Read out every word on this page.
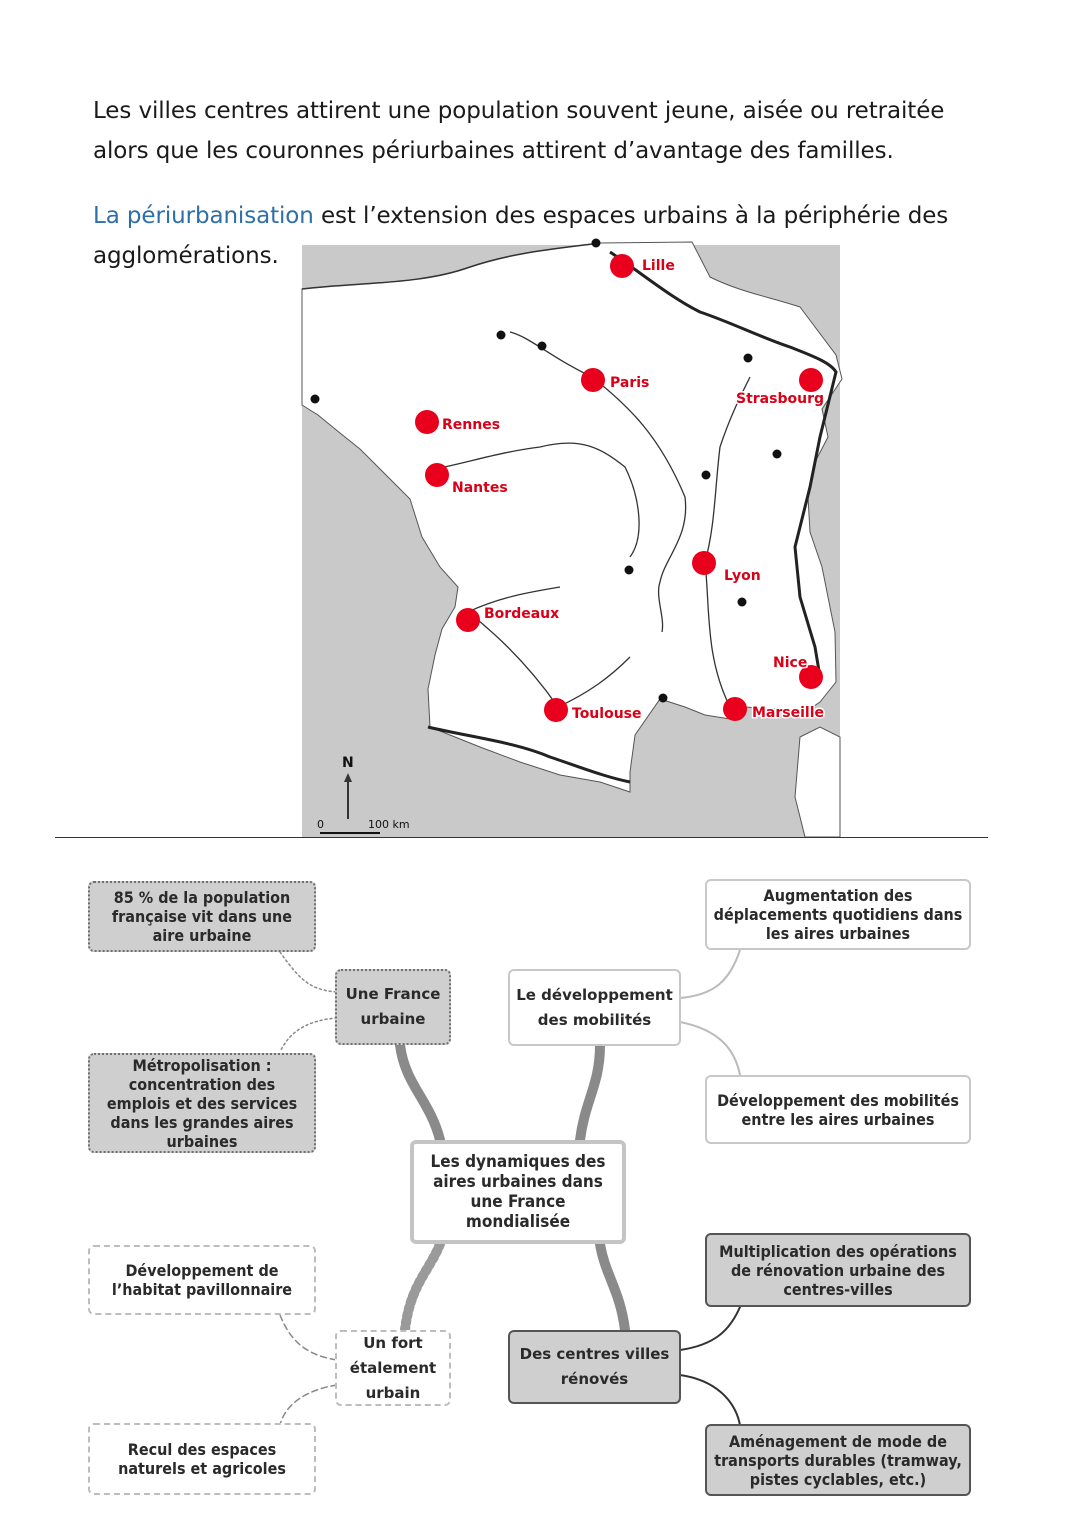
Les villes centres attirent une population souvent jeune, aisée ou retraitée alors que les couronnes périurbaines attirent d’avantage des familles.

La périurbanisation est l’extension des espaces urbains à la périphérie des agglomérations.	Lille
Paris
Strasbourg
Rennes
Nantes
Lyon
Bordeaux
Nice
Toulouse	Marseille
N
0	100 km
85 % de la population française vit dans une aire urbaine
Une France urbaine
Le développement des mobilités
Augmentation des déplacements quotidiens dans les aires urbaines
Métropolisation : concentration des emplois et des services dans les grandes aires urbaines
Développement des mobilités entre les aires urbaines
Les dynamiques des aires urbaines dans une France mondialisée
Développement de l’habitat pavillonnaire
Multiplication des opérations de rénovation urbaine des centres-villes
Un fort étalement urbain
Des centres villes rénovés
Recul des espaces naturels et agricoles
Aménagement de mode de transports durables (tramway, pistes cyclables, etc.)
